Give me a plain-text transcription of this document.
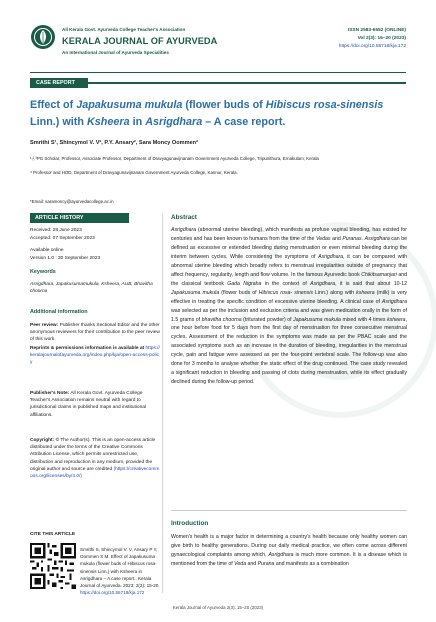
All Kerala Govt. Ayurveda College Teacher's Association
KERALA JOURNAL OF AYURVEDA
An International Journal of Ayurveda Specialities
ISSN 2583-6552 (ONLINE)
Vol 2(3): 15–20 (2023)
https://doi.org/10.55718/kja.172
CASE REPORT
Effect of Japakusuma mukula (flower buds of Hibiscus rosa-sinensis Linn.) with Ksheera in Asrigdhara – A case report.
Smrithi S¹, Shincymol V. V², P.Y. Ansary², Sara Moncy Oommen²
¹,²,³PG Scholar, Professor, Associate Professor, Department of Dravyagunavijnanam Government Ayurveda College, Tripunithura, Ernakulam, Kerala
⁴ Professor and HOD, Department of Dravyagunavijnanam Government Ayurveda College, Kannur, Kerala.
*Email: saramoncy@ayurvedacollege.ac.in
ARTICLE HISTORY
Received: 28 June 2023
Accepted: 07 September 2023
Available online
Version 1.0 : 30 September 2023
Keywords
Asrigdhara, Japakusumamukula, Ksheera, AUB, Bhavitha choorna
Additional information
Peer review: Publisher thanks Sectional Editor and the other anonymous reviewers for their contribution to the peer review of this work.
Reprints & permissions information is available at https://keralajournalofayurveda.org/index.php/kja/open-access-policy
Publisher's Note: All Kerala Govt. Ayurveda College Teacher's Association remains neutral with regard to jurisdictional claims in published maps and institutional affiliations.
Copyright: © The Author(s). This is an open-access article distributed under the terms of the Creative Commons Attribution License, which permits unrestricted use, distribution and reproduction in any medium, provided the original author and source are credited (https://creativecommons.org/licenses/by/4.0/)
CITE THIS ARTICLE
Smrithi S, Shincymol V. V, Ansary P Y, Oommen S M. Effect of Japakusuma mukula (flower buds of Hibiscus rosa-sinensis Linn.) with Ksheera in Asrigdhara – A case report.. Kerala Journal of Ayurveda. 2023; 2(3): 15-20. https://doi.org/10.55718/kja.172
Abstract
Asrigdhara (abnormal uterine bleeding), which manifests as profuse vaginal bleeding, has existed for centuries and has been known to humans from the time of the Vedas and Puranas. Asrigdhara can be defined as excessive or extended bleeding during menstruation or even minimal bleeding during the interim between cycles. While considering the symptoms of Asrigdhara, it can be compared with abnormal uterine bleeding which broadly refers to menstrual irregularities outside of pregnancy that affect frequency, regularity, length and flow volume. In the famous Ayurvedic book Chikitsamanjari and the classical textbook Gada Nigraha in the context of Asrigdhara, it is said that about 10-12 Japakusuma mukula (flower buds of Hibiscus rosa- sinensis Linn.) along with ksheera (milk) is very effective in treating the specific condition of excessive uterine bleeding. A clinical case of Asrigdhara was selected as per the inclusion and exclusion criteria and was given medication orally in the form of 1.5 grams of bhavitha choorna (triturated powder) of Japakusuma mukula mixed with 4 times ksheera, one hour before food for 5 days from the first day of menstruation for three consecutive menstrual cycles. Assessment of the reduction in the symptoms was made as per the PBAC scale and the associated symptoms such as an increase in the duration of bleeding, irregularities in the menstrual cycle, pain and fatigue were assessed as per the four-point vertebral scale. The follow-up was also done for 3 months to analyse whether the static effect of the drug continued. The case study revealed a significant reduction in bleeding and passing of clots during menstruation, while its effect gradually declined during the follow-up period.
Introduction
Women's health is a major factor in determining a country's health because only healthy women can give birth to healthy generations. During our daily medical practice, we often come across different gynaecological complaints among which, Asrigdhara is much more common. It is a disease which is mentioned from the time of Veda and Purana and manifests as a combination
Kerala Journal of Ayurveda 2(3): 15–20 (2023)
